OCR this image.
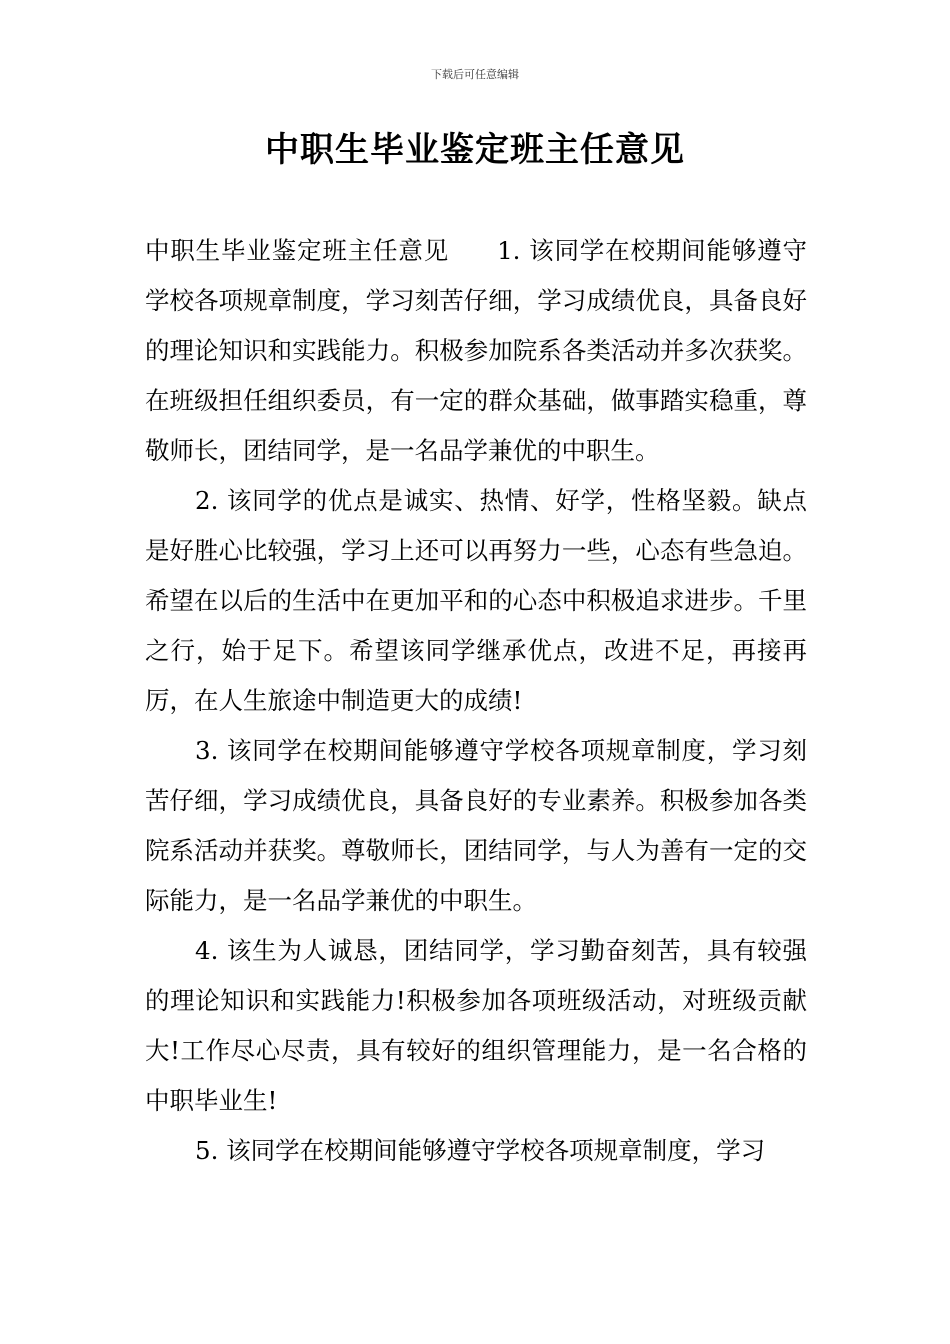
下载后可任意编辑
中职生毕业鉴定班主任意见

中职生毕业鉴定班主任意见 1. 该同学在校期间能够遵守学校各项规章制度，学习刻苦仔细，学习成绩优良，具备良好的理论知识和实践能力。积极参加院系各类活动并多次获奖。在班级担任组织委员，有一定的群众基础，做事踏实稳重，尊敬师长，团结同学，是一名品学兼优的中职生。

2. 该同学的优点是诚实、热情、好学，性格坚毅。缺点是好胜心比较强，学习上还可以再努力一些，心态有些急迫。希望在以后的生活中在更加平和的心态中积极追求进步。千里之行，始于足下。希望该同学继承优点，改进不足，再接再厉，在人生旅途中制造更大的成绩!

3. 该同学在校期间能够遵守学校各项规章制度，学习刻苦仔细，学习成绩优良，具备良好的专业素养。积极参加各类院系活动并获奖。尊敬师长，团结同学，与人为善有一定的交际能力，是一名品学兼优的中职生。

4. 该生为人诚恳，团结同学，学习勤奋刻苦，具有较强的理论知识和实践能力!积极参加各项班级活动，对班级贡献大!工作尽心尽责，具有较好的组织管理能力，是一名合格的中职毕业生!

5. 该同学在校期间能够遵守学校各项规章制度，学习
